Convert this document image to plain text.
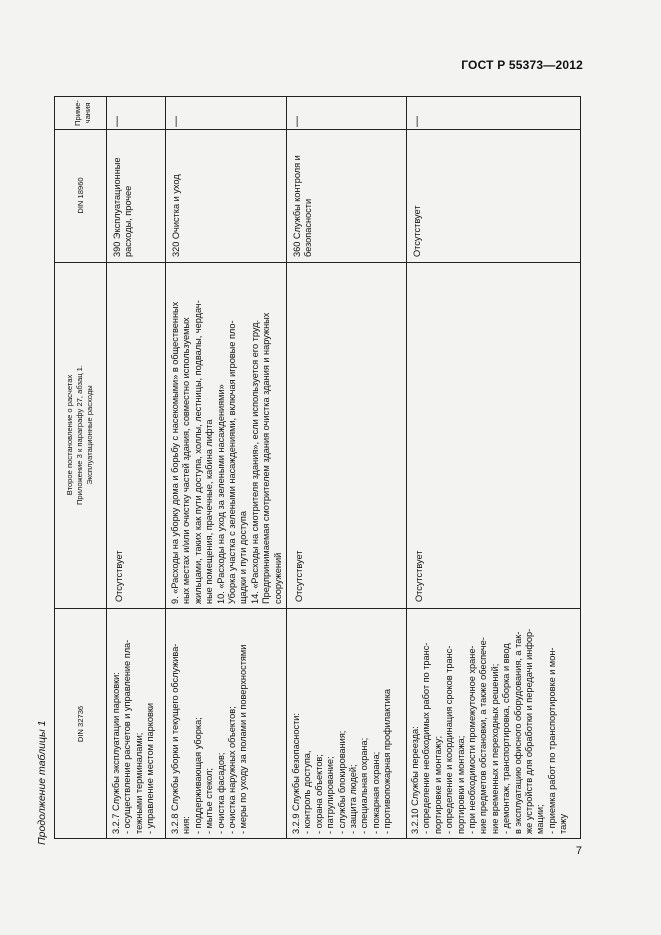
ГОСТ Р 55373—2012
Продолжение таблицы 1
7
Приме- чания
DIN 18960
Второе постановление о расчетах Приложение 3 к параграфу 27, абзац 1. Эксплуатационные расходы
DIN 32736
—
390 Эксплуатационные расходы, прочее
Отсутствует
3.2.7 Службы эксплуатации парковки: - осуществление расчетов и управление пла- тежными терминалами; - управление местом парковки
—
320 Очистка и уход
9. «Расходы на уборку дома и борьбу с насекомыми» в общественных ных местах и/или очистку частей здания, совместно используемых жильцами, таких как пути доступа, холлы, лестницы, подвалы, чердач- ные помещения, прачечные, кабина лифта 10. «Расходы на уход за зелеными насаждениями» Уборка участка с зелеными насаждениями, включая игровые пло- щадки и пути доступа 14. «Расходы на смотрителя здания», если используется его труд. Предпринимаемая смотрителем здания очистка здания и наружных сооружений
3.2.8 Службы уборки и текущего обслужива- ния: - поддерживающая уборка; - мытье стекол; - очистка фасадов; - очистка наружных объектов; - меры по уходу за полами и поверхностями
—
360 Службы контроля и безопасности
Отсутствует
3.2.9 Службы безопасности: - контроль доступа, - охрана объектов; - патрулирование; - службы блокирования; - защита людей; - специальная охрана; - пожарная охрана; - противопожарная профилактика
—
Отсутствует
Отсутствует
3.2.10 Службы переезда: - определение необходимых работ по транс- портировке и монтажу; - определение и координация сроков транс- портировки и монтажа; - при необходимости промежуточное хране- ние предметов обстановки, а также обеспече- ние временных и переходных решений; - демонтаж, транспортировка, сборка и ввод в эксплуатацию офисного оборудования, а так- же устройств для обработки и передачи инфор- мации; - приемка работ по транспортировке и мон- тажу
